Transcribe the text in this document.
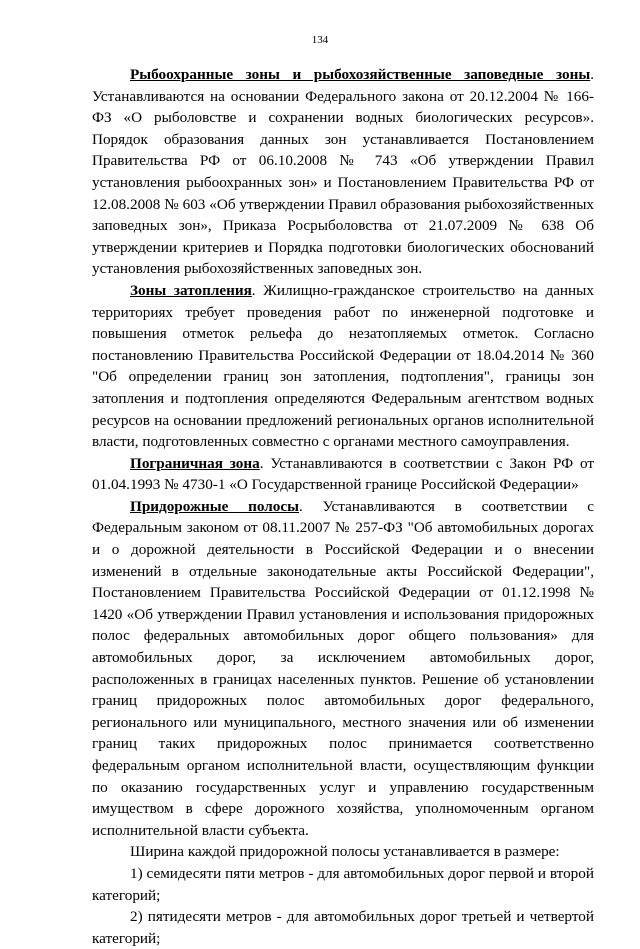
134

Рыбоохранные зоны и рыбохозяйственные заповедные зоны. Устанавливаются на основании Федерального закона от 20.12.2004 № 166-ФЗ «О рыболовстве и сохранении водных биологических ресурсов». Порядок образования данных зон устанавливается Постановлением Правительства РФ от 06.10.2008 № 743 «Об утверждении Правил установления рыбоохранных зон» и Постановлением Правительства РФ от 12.08.2008 № 603 «Об утверждении Правил образования рыбохозяйственных заповедных зон», Приказа Росрыболовства от 21.07.2009 № 638 Об утверждении критериев и Порядка подготовки биологических обоснований установления рыбохозяйственных заповедных зон.

Зоны затопления. Жилищно-гражданское строительство на данных территориях требует проведения работ по инженерной подготовке и повышения отметок рельефа до незатопляемых отметок. Согласно постановлению Правительства Российской Федерации от 18.04.2014 № 360 "Об определении границ зон затопления, подтопления", границы зон затопления и подтопления определяются Федеральным агентством водных ресурсов на основании предложений региональных органов исполнительной власти, подготовленных совместно с органами местного самоуправления.

Пограничная зона. Устанавливаются в соответствии с Закон РФ от 01.04.1993 № 4730-1 «О Государственной границе Российской Федерации»

Придорожные полосы. Устанавливаются в соответствии с Федеральным законом от 08.11.2007 № 257-ФЗ "Об автомобильных дорогах и о дорожной деятельности в Российской Федерации и о внесении изменений в отдельные законодательные акты Российской Федерации", Постановлением Правительства Российской Федерации от 01.12.1998 № 1420 «Об утверждении Правил установления и использования придорожных полос федеральных автомобильных дорог общего пользования» для автомобильных дорог, за исключением автомобильных дорог, расположенных в границах населенных пунктов. Решение об установлении границ придорожных полос автомобильных дорог федерального, регионального или муниципального, местного значения или об изменении границ таких придорожных полос принимается соответственно федеральным органом исполнительной власти, осуществляющим функции по оказанию государственных услуг и управлению государственным имуществом в сфере дорожного хозяйства, уполномоченным органом исполнительной власти субъекта.

Ширина каждой придорожной полосы устанавливается в размере:

1) семидесяти пяти метров - для автомобильных дорог первой и второй категорий;

2) пятидесяти метров - для автомобильных дорог третьей и четвертой категорий;
